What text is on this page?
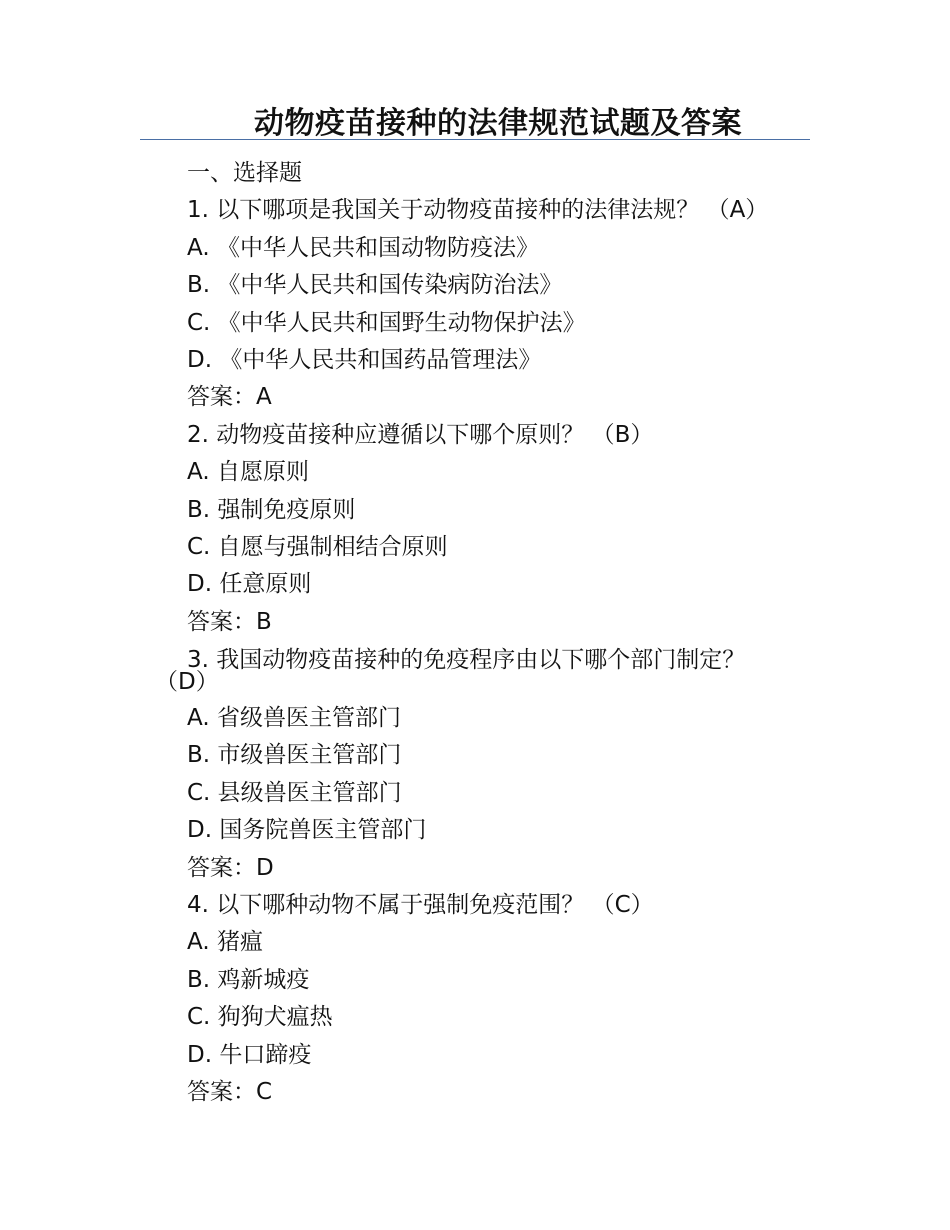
动物疫苗接种的法律规范试题及答案
一、选择题
1. 以下哪项是我国关于动物疫苗接种的法律法规？ （A）
A. 《中华人民共和国动物防疫法》
B. 《中华人民共和国传染病防治法》
C. 《中华人民共和国野生动物保护法》
D. 《中华人民共和国药品管理法》
答案：A
2. 动物疫苗接种应遵循以下哪个原则？ （B）
A. 自愿原则
B. 强制免疫原则
C. 自愿与强制相结合原则
D. 任意原则
答案：B
3. 我国动物疫苗接种的免疫程序由以下哪个部门制定？
（D）
A. 省级兽医主管部门
B. 市级兽医主管部门
C. 县级兽医主管部门
D. 国务院兽医主管部门
答案：D
4. 以下哪种动物不属于强制免疫范围？ （C）
A. 猪瘟
B. 鸡新城疫
C. 狗狗犬瘟热
D. 牛口蹄疫
答案：C
